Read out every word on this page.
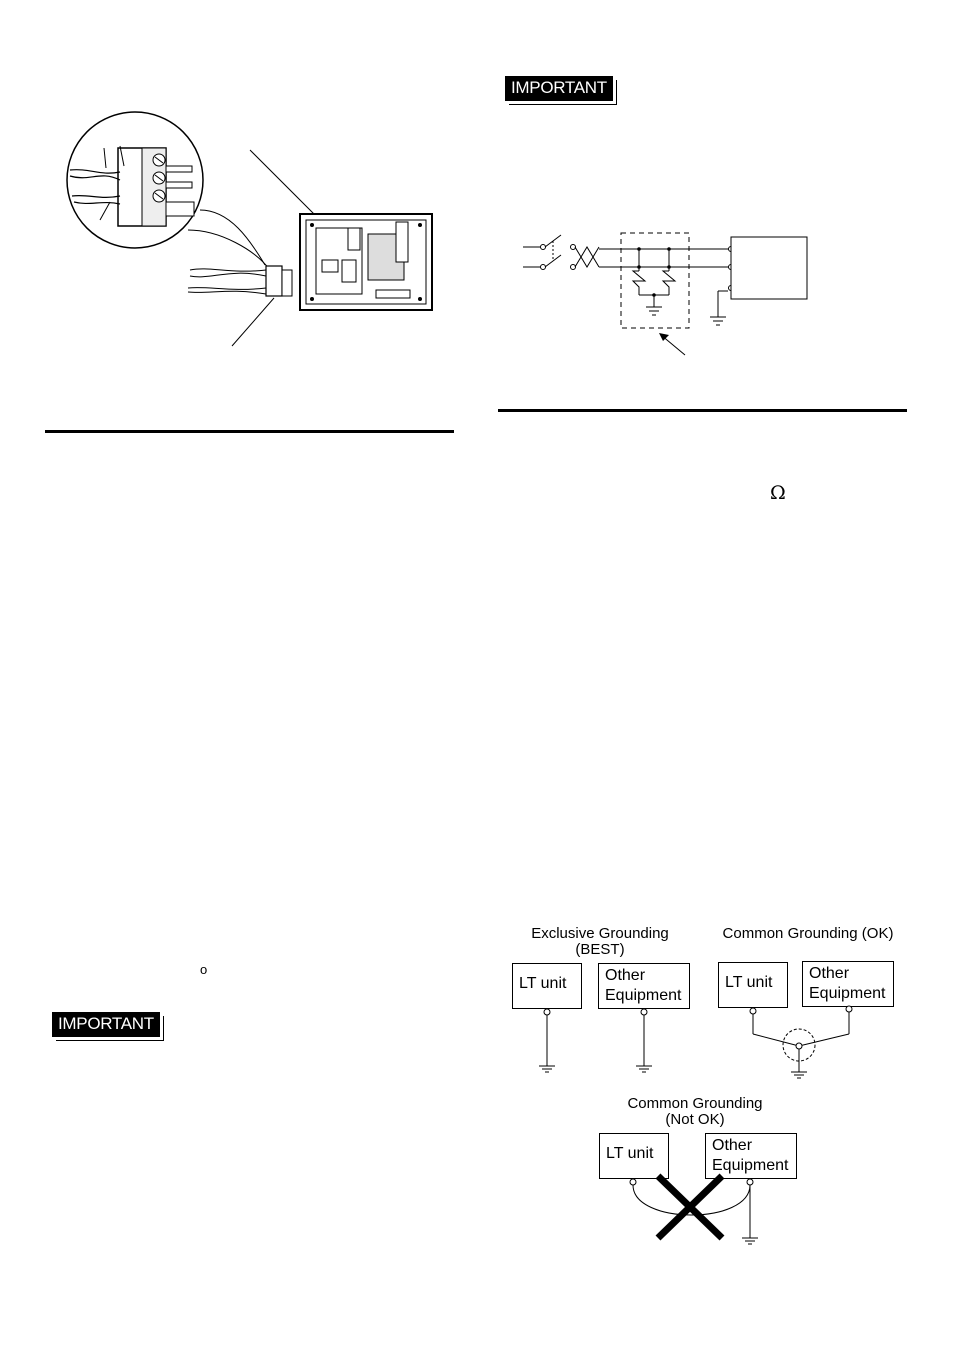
IMPORTANT
o
IMPORTANT
Ω
Exclusive Grounding
(BEST)
LT unit	Other
Equipment
Common Grounding (OK)
LT unit
Other
Equipment
Common Grounding
(Not OK)
LT unit	Other
Equipment
